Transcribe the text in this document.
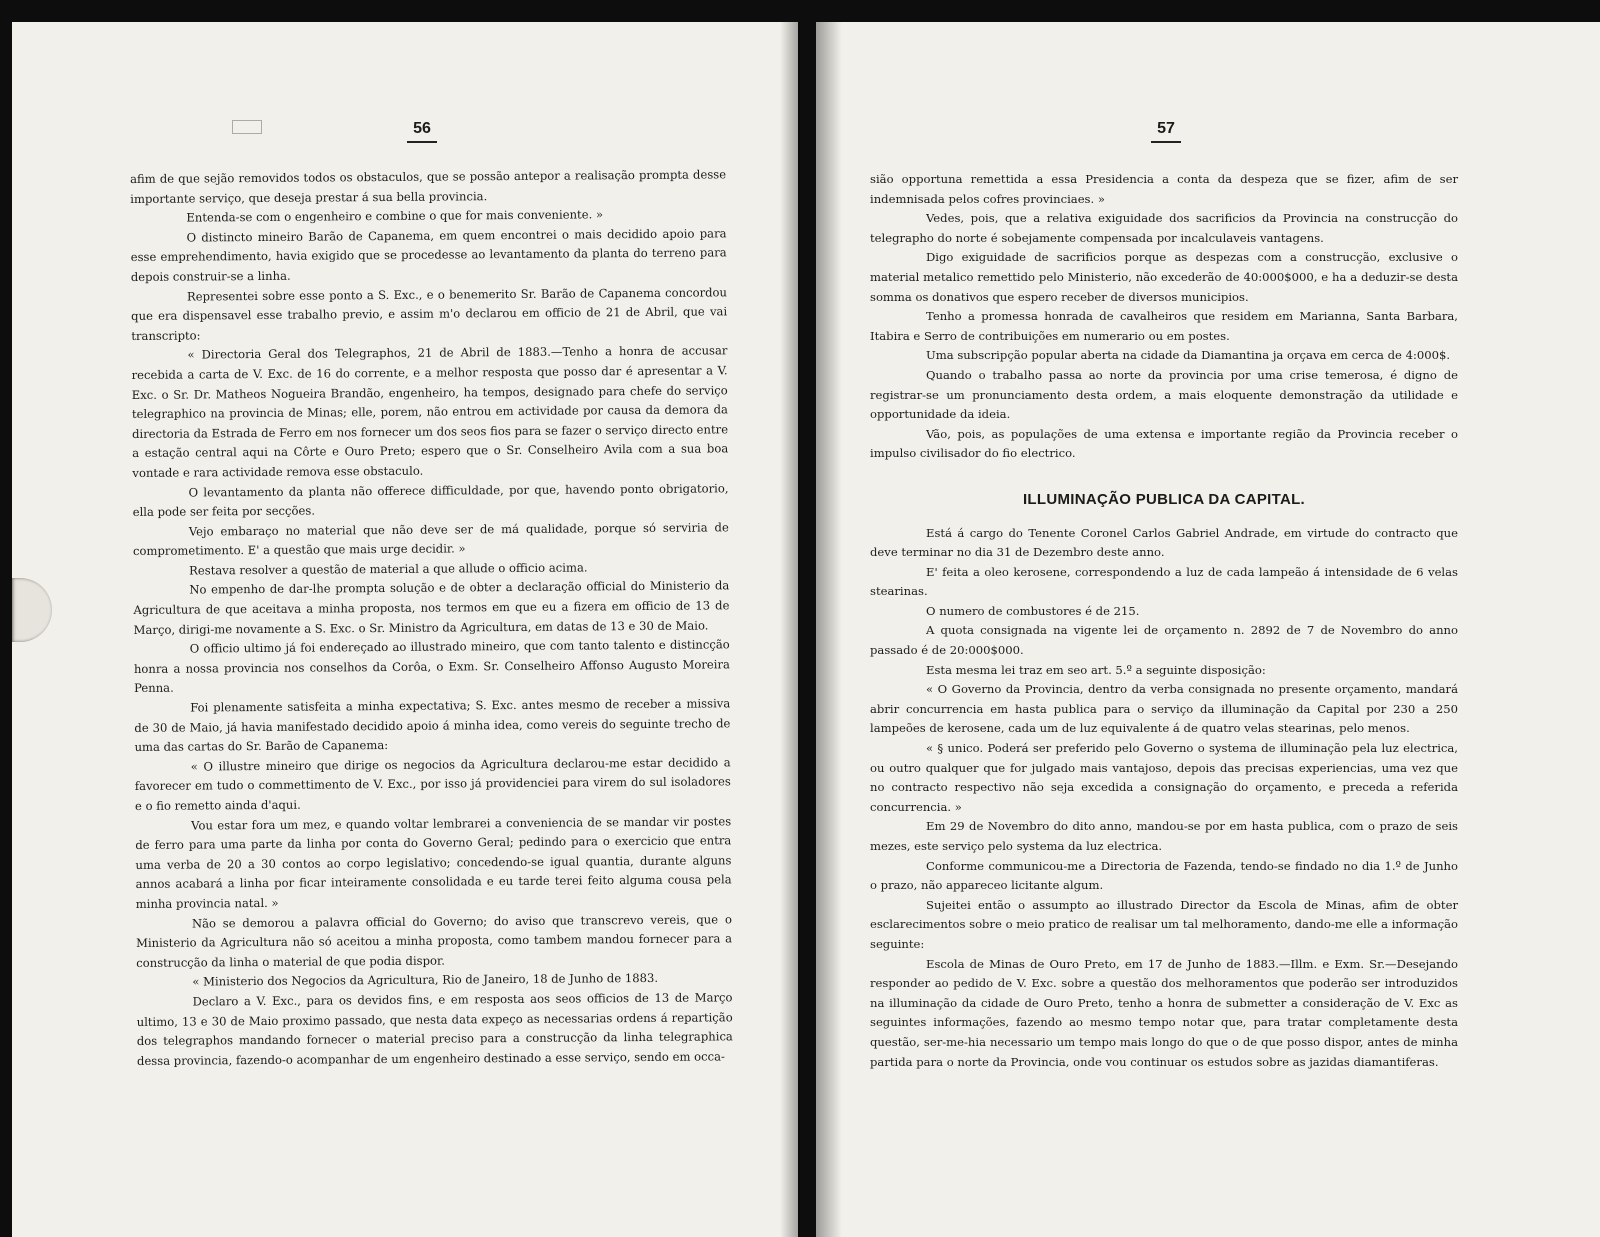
56

afim de que sejão removidos todos os obstaculos, que se possão antepor a realisação prompta desse importante serviço, que deseja prestar á sua bella provincia.

Entenda-se com o engenheiro e combine o que for mais conveniente. »

O distincto mineiro Barão de Capanema, em quem encontrei o mais decidido apoio para esse emprehendimento, havia exigido que se procedesse ao levantamento da planta do terreno para depois construir-se a linha.

Representei sobre esse ponto a S. Exc., e o benemerito Sr. Barão de Capanema concordou que era dispensavel esse trabalho previo, e assim m'o declarou em officio de 21 de Abril, que vai transcripto:

« Directoria Geral dos Telegraphos, 21 de Abril de 1883.—Tenho a honra de accusar recebida a carta de V. Exc. de 16 do corrente, e a melhor resposta que posso dar é apresentar a V. Exc. o Sr. Dr. Matheos Nogueira Brandão, engenheiro, ha tempos, designado para chefe do serviço telegraphico na provincia de Minas; elle, porem, não entrou em actividade por causa da demora da directoria da Estrada de Ferro em nos fornecer um dos seos fios para se fazer o serviço directo entre a estação central aqui na Côrte e Ouro Preto; espero que o Sr. Conselheiro Avila com a sua boa vontade e rara actividade remova esse obstaculo.

O levantamento da planta não offerece difficuldade, por que, havendo ponto obrigatorio, ella pode ser feita por secções.

Vejo embaraço no material que não deve ser de má qualidade, porque só serviria de comprometimento. E' a questão que mais urge decidir. »

Restava resolver a questão de material a que allude o officio acima.

No empenho de dar-lhe prompta solução e de obter a declaração official do Ministerio da Agricultura de que aceitava a minha proposta, nos termos em que eu a fizera em officio de 13 de Março, dirigi-me novamente a S. Exc. o Sr. Ministro da Agricultura, em datas de 13 e 30 de Maio.

O officio ultimo já foi endereçado ao illustrado mineiro, que com tanto talento e distincção honra a nossa provincia nos conselhos da Corôa, o Exm. Sr. Conselheiro Affonso Augusto Moreira Penna.

Foi plenamente satisfeita a minha expectativa; S. Exc. antes mesmo de receber a missiva de 30 de Maio, já havia manifestado decidido apoio á minha idea, como vereis do seguinte trecho de uma das cartas do Sr. Barão de Capanema:

« O illustre mineiro que dirige os negocios da Agricultura declarou-me estar decidido a favorecer em tudo o commettimento de V. Exc., por isso já providenciei para virem do sul isoladores e o fio remetto ainda d'aqui.

Vou estar fora um mez, e quando voltar lembrarei a conveniencia de se mandar vir postes de ferro para uma parte da linha por conta do Governo Geral; pedindo para o exercicio que entra uma verba de 20 a 30 contos ao corpo legislativo; concedendo-se igual quantia, durante alguns annos acabará a linha por ficar inteiramente consolidada e eu tarde terei feito alguma cousa pela minha provincia natal. »

Não se demorou a palavra official do Governo; do aviso que transcrevo vereis, que o Ministerio da Agricultura não só aceitou a minha proposta, como tambem mandou fornecer para a construcção da linha o material de que podia dispor.

« Ministerio dos Negocios da Agricultura, Rio de Janeiro, 18 de Junho de 1883.

Declaro a V. Exc., para os devidos fins, e em resposta aos seos officios de 13 de Março ultimo, 13 e 30 de Maio proximo passado, que nesta data expeço as necessarias ordens á repartição dos telegraphos mandando fornecer o material preciso para a construcção da linha telegraphica dessa provincia, fazendo-o acompanhar de um engenheiro destinado a esse serviço, sendo em occa-

57

sião opportuna remettida a essa Presidencia a conta da despeza que se fizer, afim de ser indemnisada pelos cofres provinciaes. »

Vedes, pois, que a relativa exiguidade dos sacrificios da Provincia na construcção do telegrapho do norte é sobejamente compensada por incalculaveis vantagens.

Digo exiguidade de sacrificios porque as despezas com a construcção, exclusive o material metalico remettido pelo Ministerio, não excederão de 40:000$000, e ha a deduzir-se desta somma os donativos que espero receber de diversos municipios.

Tenho a promessa honrada de cavalheiros que residem em Marianna, Santa Barbara, Itabira e Serro de contribuições em numerario ou em postes.

Uma subscripção popular aberta na cidade da Diamantina ja orçava em cerca de 4:000$.

Quando o trabalho passa ao norte da provincia por uma crise temerosa, é digno de registrar-se um pronunciamento desta ordem, a mais eloquente demonstração da utilidade e opportunidade da ideia.

Vão, pois, as populações de uma extensa e importante região da Provincia receber o impulso civilisador do fio electrico.

ILLUMINAÇÃO PUBLICA DA CAPITAL.

Está á cargo do Tenente Coronel Carlos Gabriel Andrade, em virtude do contracto que deve terminar no dia 31 de Dezembro deste anno.

E' feita a oleo kerosene, correspondendo a luz de cada lampeão á intensidade de 6 velas stearinas.

O numero de combustores é de 215.

A quota consignada na vigente lei de orçamento n. 2892 de 7 de Novembro do anno passado é de 20:000$000.

Esta mesma lei traz em seo art. 5.º a seguinte disposição:

« O Governo da Provincia, dentro da verba consignada no presente orçamento, mandará abrir concurrencia em hasta publica para o serviço da illuminação da Capital por 230 a 250 lampeões de kerosene, cada um de luz equivalente á de quatro velas stearinas, pelo menos.

« § unico. Poderá ser preferido pelo Governo o systema de illuminação pela luz electrica, ou outro qualquer que for julgado mais vantajoso, depois das precisas experiencias, uma vez que no contracto respectivo não seja excedida a consignação do orçamento, e preceda a referida concurrencia. »

Em 29 de Novembro do dito anno, mandou-se por em hasta publica, com o prazo de seis mezes, este serviço pelo systema da luz electrica.

Conforme communicou-me a Directoria de Fazenda, tendo-se findado no dia 1.º de Junho o prazo, não appareceo licitante algum.

Sujeitei então o assumpto ao illustrado Director da Escola de Minas, afim de obter esclarecimentos sobre o meio pratico de realisar um tal melhoramento, dando-me elle a informação seguinte:

Escola de Minas de Ouro Preto, em 17 de Junho de 1883.—Illm. e Exm. Sr.—Desejando responder ao pedido de V. Exc. sobre a questão dos melhoramentos que poderão ser introduzidos na illuminação da cidade de Ouro Preto, tenho a honra de submetter a consideração de V. Exc as seguintes informações, fazendo ao mesmo tempo notar que, para tratar completamente desta questão, ser-me-hia necessario um tempo mais longo do que o de que posso dispor, antes de minha partida para o norte da Provincia, onde vou continuar os estudos sobre as jazidas diamantiferas.
